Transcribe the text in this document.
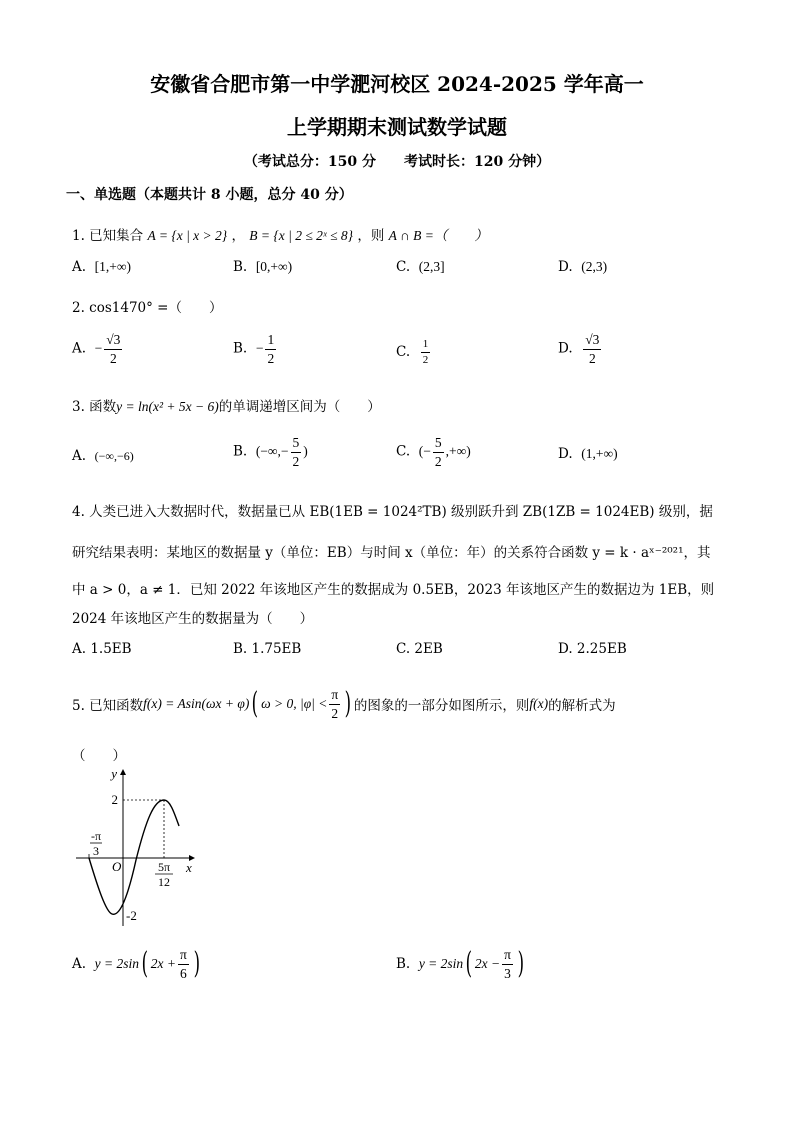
安徽省合肥市第一中学淝河校区 2024-2025 学年高一
上学期期末测试数学试题
（考试总分：150 分　　考试时长：120 分钟）
一、单选题（本题共计 8 小题，总分 40 分）
1. 已知集合 A = {x | x > 2} ， B = {x | 2 ≤ 2ˣ ≤ 8} ，则 A ∩ B =（　　）
A. [1,+∞)	B. [0,+∞)	C. (2,3]	D. (2,3)
2. cos1470° =（　　）
A. − $\frac{√3}{2}$	B. − $\frac{1}{2}$	C. $\frac{1}{2}$	D. $\frac{√3}{2}$
3. 函数y = ln(x² + 5x − 6)的单调递增区间为（　　）
A. (−∞,−6)	B. (−∞,− $\frac{5}{2}$ )	C. (− $\frac{5}{2}$ ,+∞)	D. (1,+∞)
4. 人类已进入大数据时代，数据量已从 EB(1EB = 1024²TB) 级别跃升到 ZB(1ZB = 1024EB) 级别，据
研究结果表明：某地区的数据量 y（单位：EB）与时间 x（单位：年）的关系符合函数 y = k · aˣ⁻²⁰²¹，其
中 a > 0，a ≠ 1．已知 2022 年该地区产生的数据成为 0.5EB，2023 年该地区产生的数据边为 1EB，则
2024 年该地区产生的数据量为（　　）
A. 1.5EB	B. 1.75EB	C. 2EB	D. 2.25EB
5. 已知函数 f(x) = Asin(ωx + φ) ( ω > 0, $|\varphi| < \frac{\pi}{2}$ ) 的图象的一部分如图所示，则 f(x) 的解析式为
（　　）
y
x
O
2
-2
-π
3
5π
12
A.
y = 2sin ( $2x + \frac{\pi}{6}$ )	B.
y = 2sin ( $2x - \frac{\pi}{3}$ )
